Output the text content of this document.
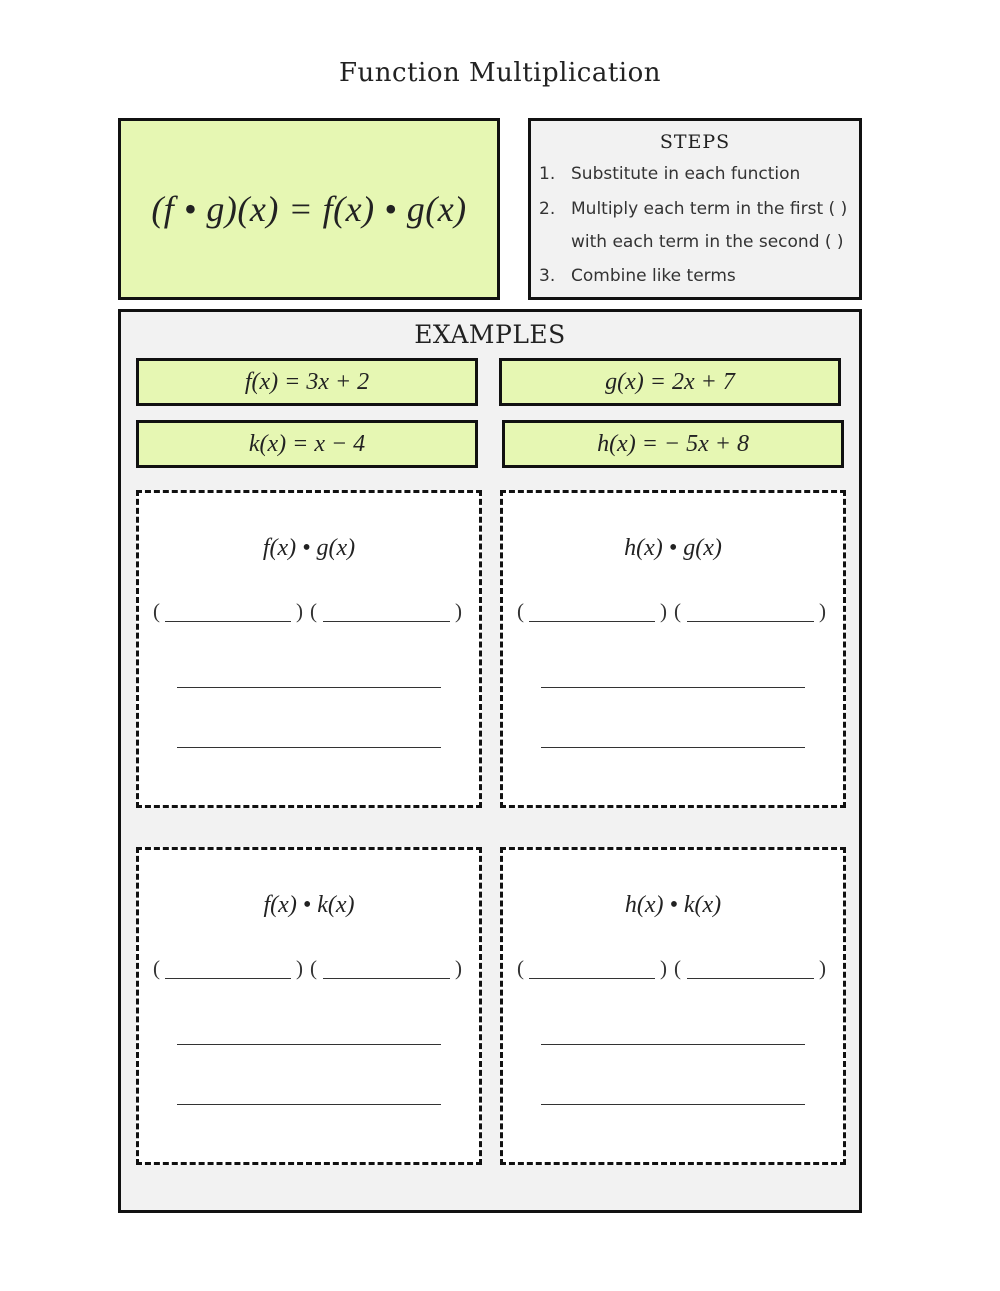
Function Multiplication
(f • g)(x) = f(x) • g(x)
STEPS
1. Substitute in each function
2. Multiply each term in the first ( )
with each term in the second ( )
3. Combine like terms
EXAMPLES
f(x) = 3x + 2	g(x) = 2x + 7
k(x) = x − 4	h(x) = − 5x + 8
f(x) • g(x)
(	) (	)
h(x) • g(x)
(	) (	)
f(x) • k(x)
(	) (	)
h(x) • k(x)
(	) (	)
